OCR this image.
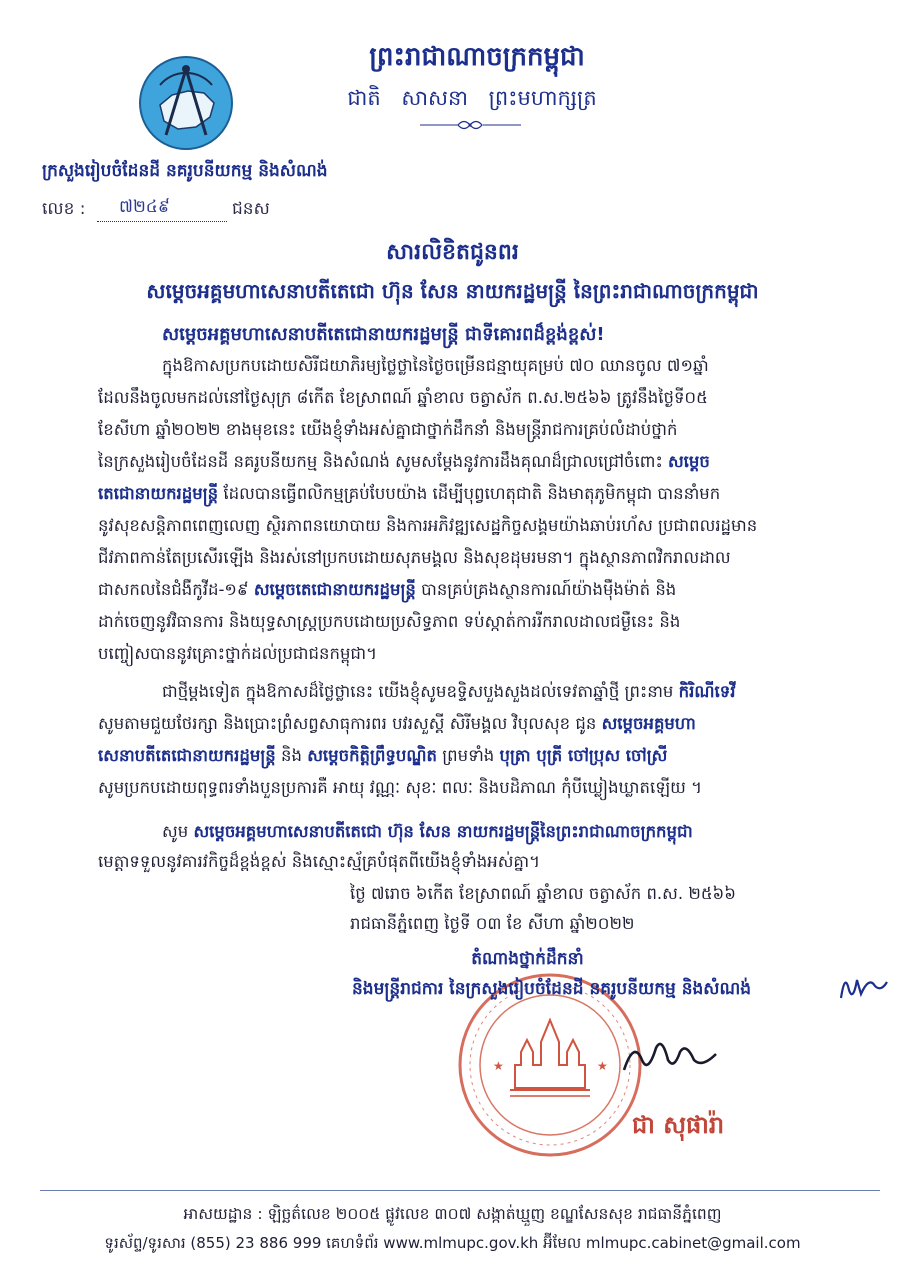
ព្រះរាជាណាចក្រកម្ពុជា
ជាតិ សាសនា ព្រះមហាក្សត្រ
ក្រសួងរៀបចំដែនដី នគរូបនីយកម្ម និងសំណង់
លេខ :	៧២៤៩	ជនស
សារលិខិតជូនពរ
សម្តេចអគ្គមហាសេនាបតីតេជោ ហ៊ុន សែន នាយករដ្ឋមន្ត្រី នៃព្រះរាជាណាចក្រកម្ពុជា
សម្តេចអគ្គមហាសេនាបតីតេជោនាយករដ្ឋមន្ត្រី ជាទីគោរពដ៏ខ្ពង់ខ្ពស់!
ក្នុងឱកាសប្រកបដោយសិរីជយាភិរម្យថ្លៃថ្លានៃថ្ងៃចម្រើនជន្មាយុគម្រប់ ៧០ ឈានចូល ៧១ឆ្នាំ
ដែលនឹងចូលមកដល់នៅថ្ងៃសុក្រ ៨កើត ខែស្រាពណ៍ ឆ្នាំខាល ចត្វាស័ក ព.ស.២៥៦៦ ត្រូវនឹងថ្ងៃទី០៥
ខែសីហា ឆ្នាំ២០២២ ខាងមុខនេះ យើងខ្ញុំទាំងអស់គ្នាជាថ្នាក់ដឹកនាំ និងមន្ត្រីរាជការគ្រប់លំដាប់ថ្នាក់
នៃក្រសួងរៀបចំដែនដី នគរូបនីយកម្ម និងសំណង់ សូមសម្តែងនូវការដឹងគុណដ៏ជ្រាលជ្រៅចំពោះ សម្តេច
តេជោនាយករដ្ឋមន្ត្រី ដែលបានធ្វើពលិកម្មគ្រប់បែបយ៉ាង ដើម្បីបុព្វហេតុជាតិ និងមាតុភូមិកម្ពុជា បាននាំមក
នូវសុខសន្តិភាពពេញលេញ ស្ថិរភាពនយោបាយ និងការអភិវឌ្ឍសេដ្ឋកិច្ចសង្គមយ៉ាងឆាប់រហ័ស ប្រជាពលរដ្ឋមាន
ជីវភាពកាន់តែប្រសើរឡើង និងរស់នៅប្រកបដោយសុភមង្គល និងសុខដុមរមនា។ ក្នុងស្ថានភាពវិករាលដាល
ជាសកលនៃជំងឺកូវីដ-១៩ សម្តេចតេជោនាយករដ្ឋមន្ត្រី បានគ្រប់គ្រងស្ថានការណ៍យ៉ាងម៉ឺងម៉ាត់ និង
ដាក់ចេញនូវវិធានការ និងយុទ្ធសាស្ត្រប្រកបដោយប្រសិទ្ធភាព ទប់ស្កាត់ការរីករាលដាលជម្ងឺនេះ និង
បញ្ចៀសបាននូវគ្រោះថ្នាក់ដល់ប្រជាជនកម្ពុជា។
ជាថ្មីម្តងទៀត ក្នុងឱកាសដ៏ថ្លៃថ្លានេះ យើងខ្ញុំសូមឧទ្ទិសបួងសួងដល់ទេវតាឆ្នាំថ្មី ព្រះនាម កិរិណីទេវី
សូមតាមជួយថែរក្សា និងប្រោះព្រំសព្វសាធុការពរ បវរសួស្តី សិរីមង្គល វិបុលសុខ ជូន សម្តេចអគ្គមហា
សេនាបតីតេជោនាយករដ្ឋមន្ត្រី និង សម្តេចកិត្តិព្រឹទ្ធបណ្ឌិត ព្រមទាំង បុត្រា បុត្រី ចៅប្រុស ចៅស្រី
សូមប្រកបដោយពុទ្ធពរទាំងបួនប្រការគឺ អាយុ វណ្ណៈ សុខៈ ពលៈ និងបដិភាណ កុំបីឃ្លៀងឃ្លាតឡើយ ។
សូម សម្តេចអគ្គមហាសេនាបតីតេជោ ហ៊ុន សែន នាយករដ្ឋមន្ត្រីនៃព្រះរាជាណាចក្រកម្ពុជា
មេត្តាទទួលនូវគារវកិច្ចដ៏ខ្ពង់ខ្ពស់ និងស្មោះស្ម័គ្របំផុតពីយើងខ្ញុំទាំងអស់គ្នា។
ថ្ងៃ ៧រោច ៦កើត ខែស្រាពណ៍ ឆ្នាំខាល ចត្វាស័ក ព.ស. ២៥៦៦
រាជធានីភ្នំពេញ ថ្ងៃទី ០៣ ខែ សីហា ឆ្នាំ២០២២
តំណាងថ្នាក់ដឹកនាំ
★	★
និងមន្ត្រីរាជការ នៃក្រសួងរៀបចំដែនដី នគរូបនីយកម្ម និងសំណង់
ជា សុផារ៉ា
អាសយដ្ឋាន : ឡិច្ឆត៌លេខ ២០០៥ ផ្លូវលេខ ៣០៧ សង្កាត់ឃ្មួញ ខណ្ឌសែនសុខ រាជធានីភ្នំពេញ
ទូរស័ព្ទ/ទូរសារ (855) 23 886 999 គេហទំព័រ www.mlmupc.gov.kh អ៊ីមែល mlmupc.cabinet@gmail.com
